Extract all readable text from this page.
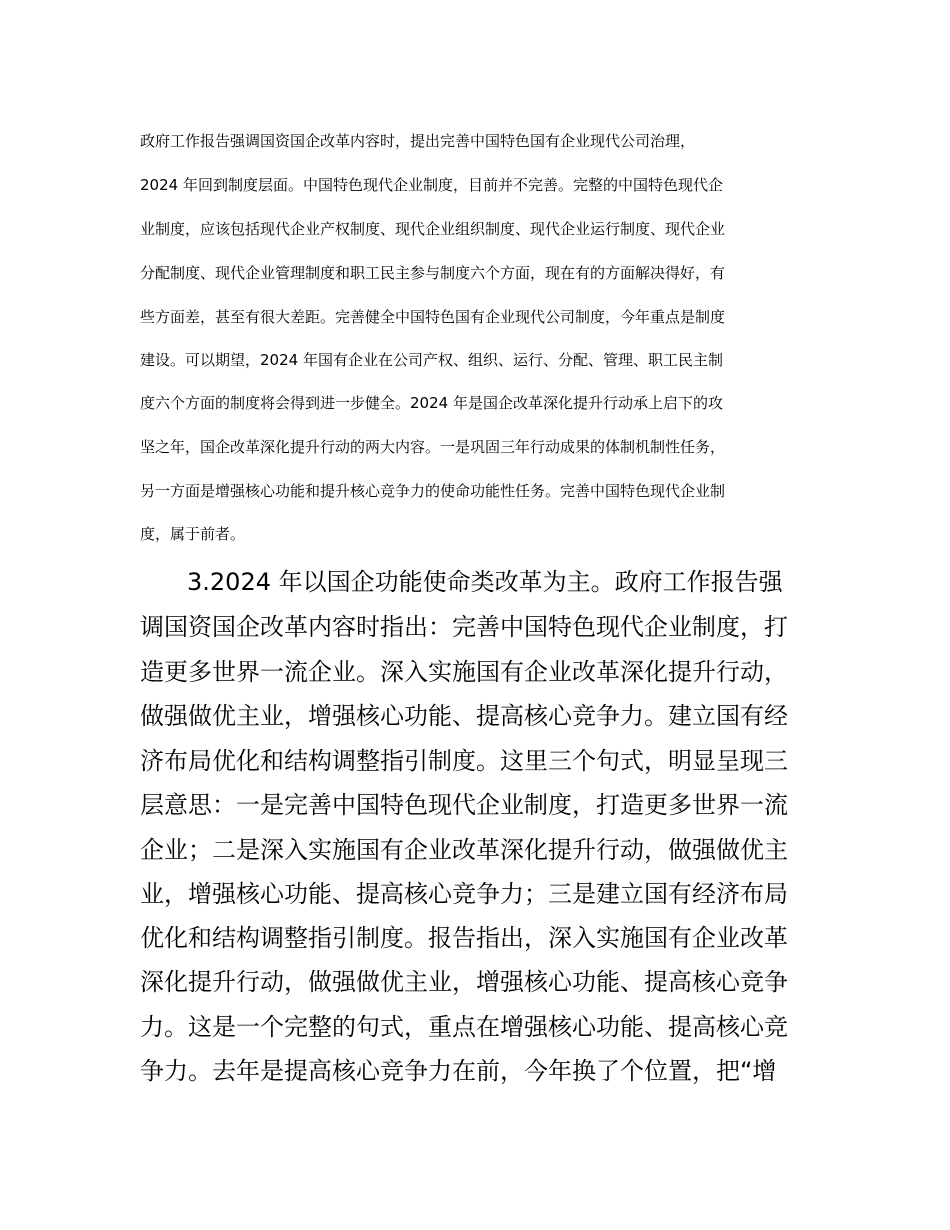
政府工作报告强调国资国企改革内容时，提出完善中国特色国有企业现代公司治理，

2024 年回到制度层面。中国特色现代企业制度，目前并不完善。完整的中国特色现代企

业制度，应该包括现代企业产权制度、现代企业组织制度、现代企业运行制度、现代企业

分配制度、现代企业管理制度和职工民主参与制度六个方面，现在有的方面解决得好，有

些方面差，甚至有很大差距。完善健全中国特色国有企业现代公司制度，今年重点是制度

建设。可以期望，2024 年国有企业在公司产权、组织、运行、分配、管理、职工民主制

度六个方面的制度将会得到进一步健全。2024 年是国企改革深化提升行动承上启下的攻

坚之年，国企改革深化提升行动的两大内容。一是巩固三年行动成果的体制机制性任务，

另一方面是增强核心功能和提升核心竞争力的使命功能性任务。完善中国特色现代企业制

度，属于前者。

3.2024 年以国企功能使命类改革为主。政府工作报告强

调国资国企改革内容时指出：完善中国特色现代企业制度，打

造更多世界一流企业。深入实施国有企业改革深化提升行动，

做强做优主业，增强核心功能、提高核心竞争力。建立国有经

济布局优化和结构调整指引制度。这里三个句式，明显呈现三

层意思：一是完善中国特色现代企业制度，打造更多世界一流

企业；二是深入实施国有企业改革深化提升行动，做强做优主

业，增强核心功能、提高核心竞争力；三是建立国有经济布局

优化和结构调整指引制度。报告指出，深入实施国有企业改革

深化提升行动，做强做优主业，增强核心功能、提高核心竞争

力。这是一个完整的句式，重点在增强核心功能、提高核心竞

争力。去年是提高核心竞争力在前，今年换了个位置，把“增
